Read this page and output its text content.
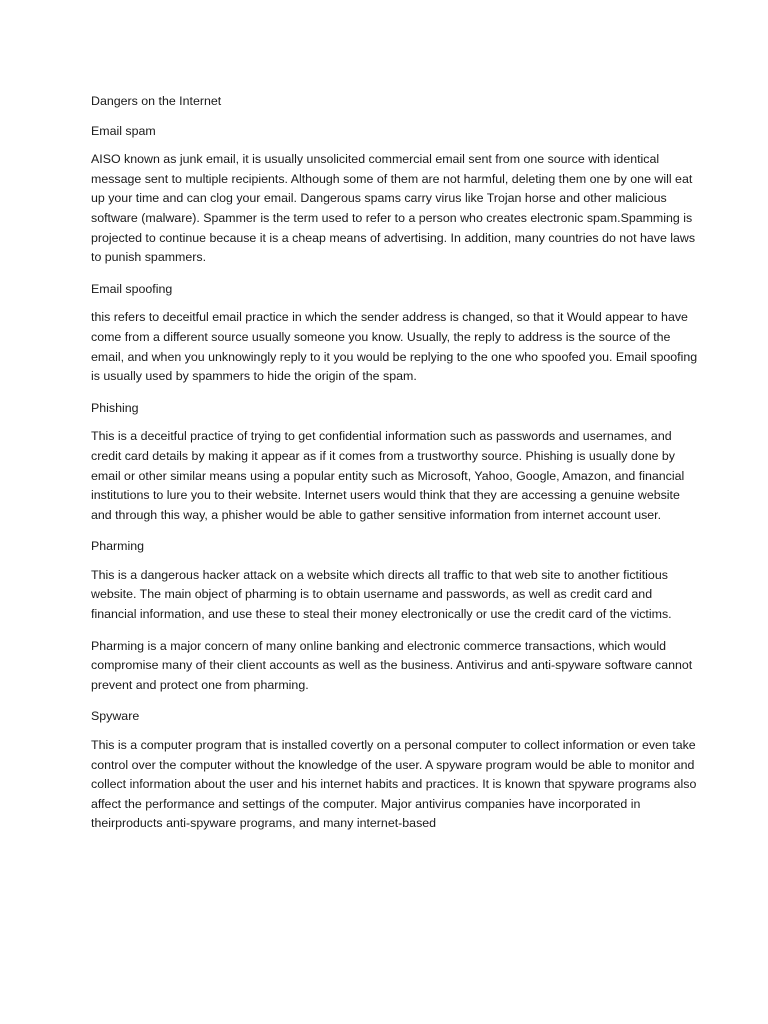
Dangers on the Internet

Email spam

AISO known as junk email, it is usually unsolicited commercial email sent from one source with identical message sent to multiple recipients. Although some of them are not harmful, deleting them one by one will eat up your time and can clog your email. Dangerous spams carry virus like Trojan horse and other malicious software (malware). Spammer is the term used to refer to a person who creates electronic spam.Spamming is projected to continue because it is a cheap means of advertising. In addition, many countries do not have laws to punish spammers.

Email spoofing

this refers to deceitful email practice in which the sender address is changed, so that it Would appear to have come from a different source usually someone you know. Usually, the reply to address is the source of the email, and when you unknowingly reply to it you would be replying to the one who spoofed you. Email spoofing is usually used by spammers to hide the origin of the spam.

Phishing

This is a deceitful practice of trying to get confidential information such as passwords and usernames, and credit card details by making it appear as if it comes from a trustworthy source. Phishing is usually done by email or other similar means using a popular entity such as Microsoft, Yahoo, Google, Amazon, and financial institutions to lure you to their website. Internet users would think that they are accessing a genuine website and through this way, a phisher would be able to gather sensitive information from internet account user.

Pharming

This is a dangerous hacker attack on a website which directs all traffic to that web site to another fictitious website. The main object of pharming is to obtain username and passwords, as well as credit card and financial information, and use these to steal their money electronically or use the credit card of the victims.

Pharming is a major concern of many online banking and electronic commerce transactions, which would compromise many of their client accounts as well as the business. Antivirus and anti-spyware software cannot prevent and protect one from pharming.

Spyware

This is a computer program that is installed covertly on a personal computer to collect information or even take control over the computer without the knowledge of the user. A spyware program would be able to monitor and collect information about the user and his internet habits and practices. It is known that spyware programs also affect the performance and settings of the computer. Major antivirus companies have incorporated in theirproducts anti-spyware programs, and many internet-based
